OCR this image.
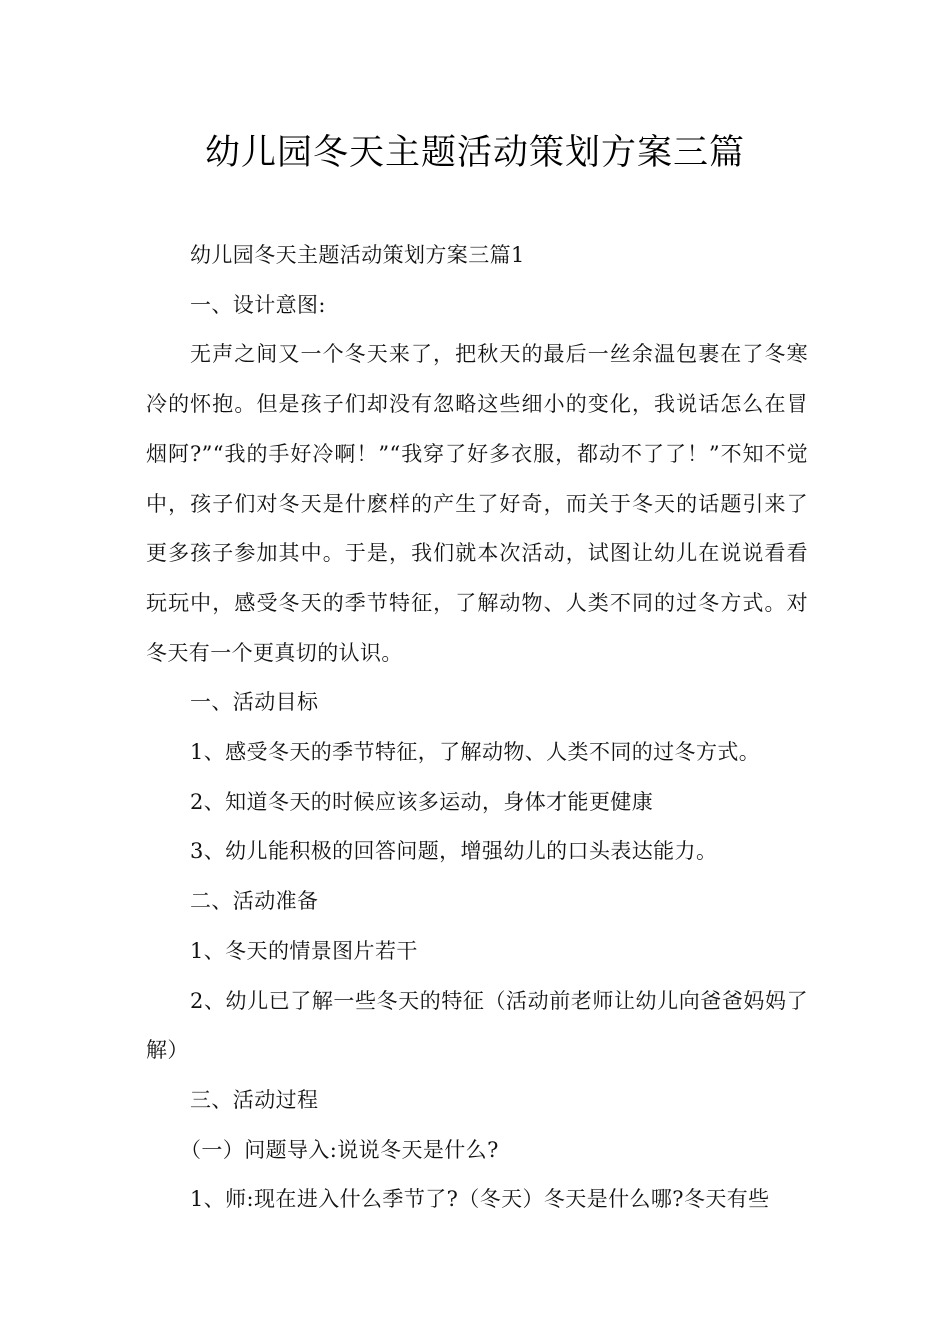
幼儿园冬天主题活动策划方案三篇

幼儿园冬天主题活动策划方案三篇1

一、设计意图:

无声之间又一个冬天来了，把秋天的最后一丝余温包裹在了冬寒冷的怀抱。但是孩子们却没有忽略这些细小的变化，我说话怎么在冒烟阿?”“我的手好冷啊！”“我穿了好多衣服，都动不了了！”不知不觉中，孩子们对冬天是什麽样的产生了好奇，而关于冬天的话题引来了更多孩子参加其中。于是，我们就本次活动，试图让幼儿在说说看看玩玩中，感受冬天的季节特征，了解动物、人类不同的过冬方式。对冬天有一个更真切的认识。

一、活动目标

1、感受冬天的季节特征，了解动物、人类不同的过冬方式。

2、知道冬天的时候应该多运动，身体才能更健康

3、幼儿能积极的回答问题，增强幼儿的口头表达能力。

二、活动准备

1、冬天的情景图片若干

2、幼儿已了解一些冬天的特征（活动前老师让幼儿向爸爸妈妈了解）

三、活动过程

（一）问题导入:说说冬天是什么?

1、师:现在进入什么季节了?（冬天）冬天是什么哪?冬天有些
